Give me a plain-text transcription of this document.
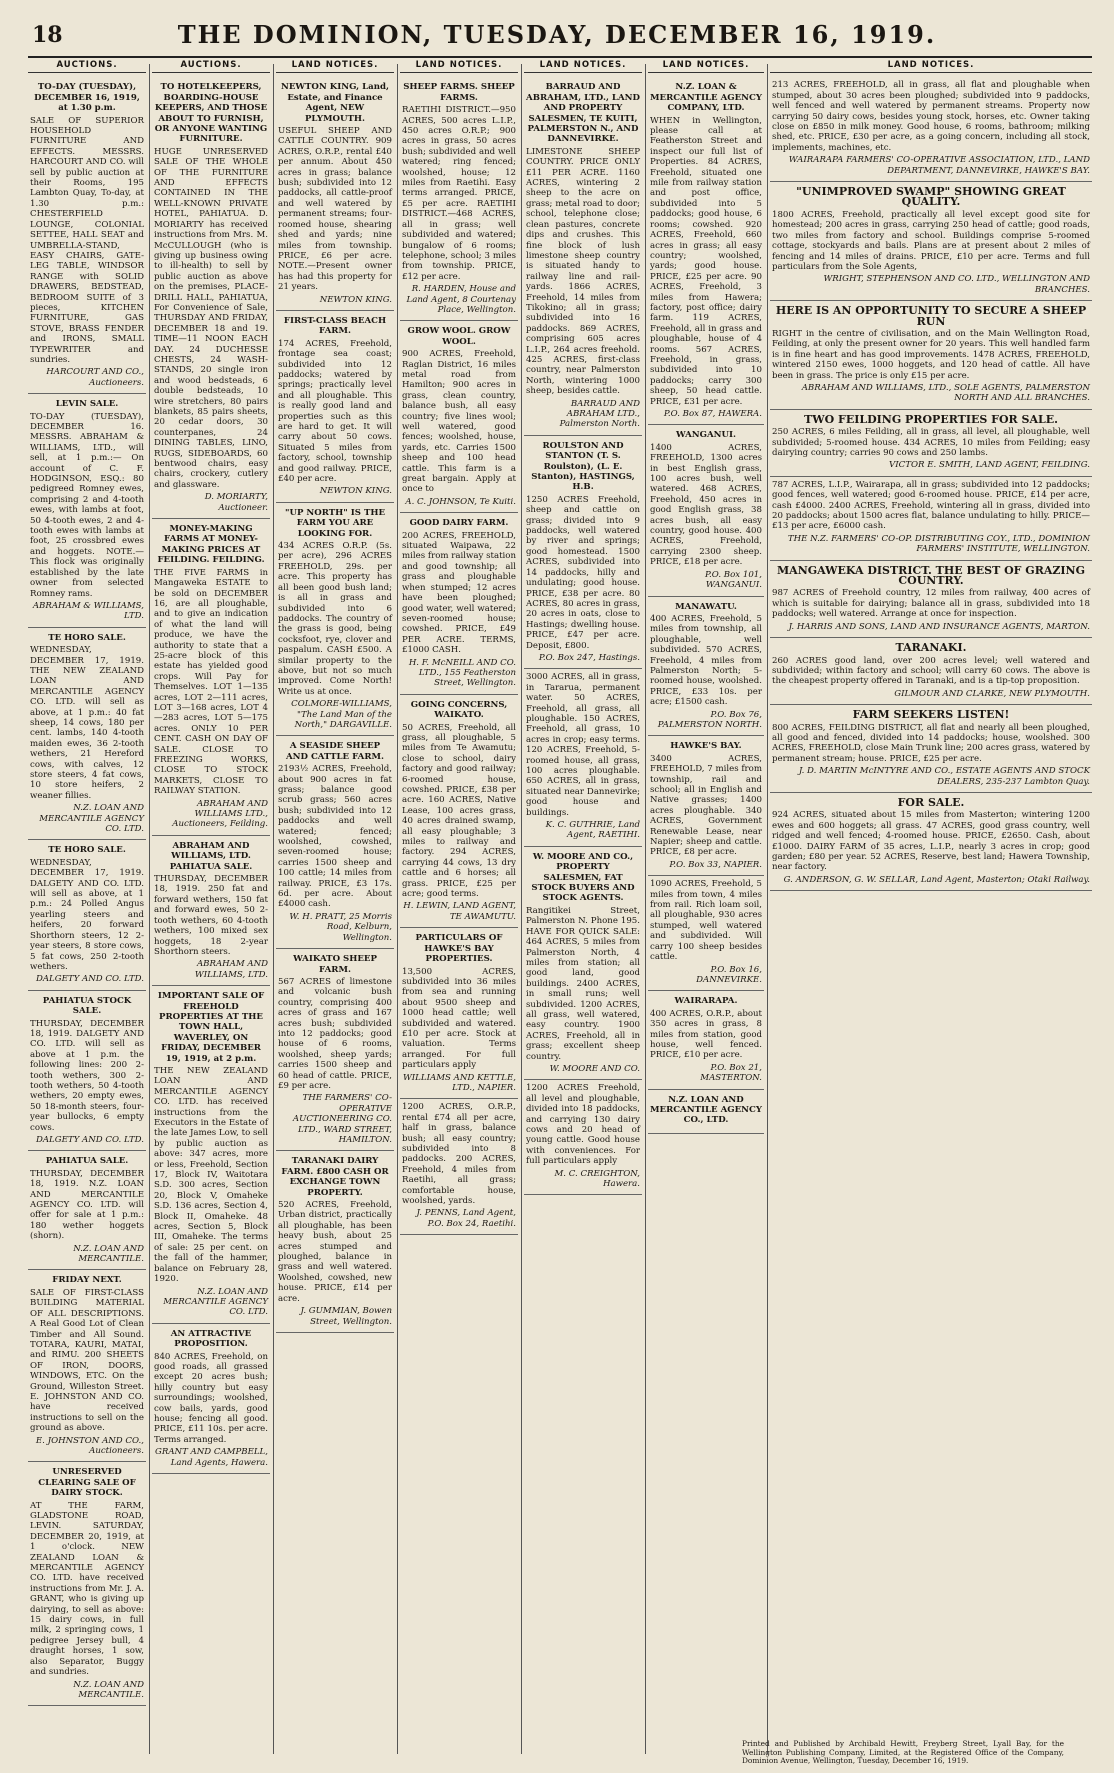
18	THE DOMINION, TUESDAY, DECEMBER 16, 1919.
AUCTIONS.
TO-DAY (TUESDAY), DECEMBER 16, 1919, at 1.30 p.m.
SALE OF SUPERIOR HOUSEHOLD FURNITURE AND EFFECTS. MESSRS. HARCOURT AND CO. will sell by public auction at their Rooms, 195 Lambton Quay, To-day, at 1.30 p.m.: CHESTERFIELD LOUNGE, COLONIAL SETTEE, HALL SEAT and UMBRELLA-STAND, EASY CHAIRS, GATE-LEG TABLE, WINDSOR RANGE with SOLID DRAWERS, BEDSTEAD, BEDROOM SUITE of 3 pieces, KITCHEN FURNITURE, GAS STOVE, BRASS FENDER and IRONS, SMALL TYPEWRITER and sundries.
HARCOURT AND CO., Auctioneers.
LEVIN SALE.
TO-DAY (TUESDAY), DECEMBER 16. MESSRS. ABRAHAM & WILLIAMS, LTD., will sell, at 1 p.m.:— On account of C. F. HODGINSON, ESQ.: 80 pedigreed Romney ewes, comprising 2 and 4-tooth ewes, with lambs at foot, 50 4-tooth ewes, 2 and 4-tooth ewes with lambs at foot, 25 crossbred ewes and hoggets. NOTE.—This flock was originally established by the late owner from selected Romney rams.
ABRAHAM & WILLIAMS, LTD.
TE HORO SALE.
WEDNESDAY, DECEMBER 17, 1919. THE NEW ZEALAND LOAN AND MERCANTILE AGENCY CO. LTD. will sell as above, at 1 p.m.: 40 fat sheep, 14 cows, 180 per cent. lambs, 140 4-tooth maiden ewes, 36 2-tooth wethers, 21 Hereford cows, with calves, 12 store steers, 4 fat cows, 10 store heifers, 2 weaner fillies.
N.Z. LOAN AND MERCANTILE AGENCY CO. LTD.
TE HORO SALE.
WEDNESDAY, DECEMBER 17, 1919. DALGETY AND CO. LTD. will sell as above, at 1 p.m.: 24 Polled Angus yearling steers and heifers, 20 forward Shorthorn steers, 12 2-year steers, 8 store cows, 5 fat cows, 250 2-tooth wethers.
DALGETY AND CO. LTD.
PAHIATUA STOCK SALE.
THURSDAY, DECEMBER 18, 1919. DALGETY AND CO. LTD. will sell as above at 1 p.m. the following lines: 200 2-tooth wethers, 300 2-tooth wethers, 50 4-tooth wethers, 20 empty ewes, 50 18-month steers, four-year bullocks, 6 empty cows.
DALGETY AND CO. LTD.
PAHIATUA SALE.
THURSDAY, DECEMBER 18, 1919. N.Z. LOAN AND MERCANTILE AGENCY CO. LTD. will offer for sale at 1 p.m.: 180 wether hoggets (shorn).
N.Z. LOAN AND MERCANTILE.
FRIDAY NEXT.
SALE OF FIRST-CLASS BUILDING MATERIAL OF ALL DESCRIPTIONS. A Real Good Lot of Clean Timber and All Sound. TOTARA, KAURI, MATAI, and RIMU. 200 SHEETS OF IRON, DOORS, WINDOWS, ETC. On the Ground, Willeston Street. E. JOHNSTON AND CO. have received instructions to sell on the ground as above.
E. JOHNSTON AND CO., Auctioneers.
UNRESERVED CLEARING SALE OF DAIRY STOCK.
AT THE FARM, GLADSTONE ROAD, LEVIN. SATURDAY, DECEMBER 20, 1919, at 1 o'clock. NEW ZEALAND LOAN & MERCANTILE AGENCY CO. LTD. have received instructions from Mr. J. A. GRANT, who is giving up dairying, to sell as above: 15 dairy cows, in full milk, 2 springing cows, 1 pedigree Jersey bull, 4 draught horses, 1 sow, also Separator, Buggy and sundries.
N.Z. LOAN AND MERCANTILE.
AUCTIONS.
TO HOTELKEEPERS, BOARDING-HOUSE KEEPERS, AND THOSE ABOUT TO FURNISH, OR ANYONE WANTING FURNITURE.
HUGE UNRESERVED SALE OF THE WHOLE OF THE FURNITURE AND EFFECTS CONTAINED IN THE WELL-KNOWN PRIVATE HOTEL, PAHIATUA. D. MORIARTY has received instructions from Mrs. M. McCULLOUGH (who is giving up business owing to ill-health) to sell by public auction as above on the premises, PLACE-DRILL HALL, PAHIATUA, For Convenience of Sale, THURSDAY AND FRIDAY, DECEMBER 18 and 19. TIME—11 NOON EACH DAY. 24 DUCHESSE CHESTS, 24 WASH-STANDS, 20 single iron and wood bedsteads, 6 double bedsteads, 10 wire stretchers, 80 pairs blankets, 85 pairs sheets, 20 cedar doors, 30 counterpanes, 24 DINING TABLES, LINO, RUGS, SIDEBOARDS, 60 bentwood chairs, easy chairs, crockery, cutlery and glassware.
D. MORIARTY, Auctioneer.
MONEY-MAKING FARMS AT MONEY-MAKING PRICES AT FEILDING. FEILDING.
THE FIVE FARMS in Mangaweka ESTATE to be sold on DECEMBER 16, are all ploughable, and to give an indication of what the land will produce, we have the authority to state that a 25-acre block of this estate has yielded good crops. Will Pay for Themselves. LOT 1—135 acres, LOT 2—111 acres, LOT 3—168 acres, LOT 4—283 acres, LOT 5—175 acres. ONLY 10 PER CENT. CASH ON DAY OF SALE. CLOSE TO FREEZING WORKS, CLOSE TO STOCK MARKETS, CLOSE TO RAILWAY STATION.
ABRAHAM AND WILLIAMS LTD., Auctioneers, Feilding.
ABRAHAM AND WILLIAMS, LTD. PAHIATUA SALE.
THURSDAY, DECEMBER 18, 1919. 250 fat and forward wethers, 150 fat and forward ewes, 50 2-tooth wethers, 60 4-tooth wethers, 100 mixed sex hoggets, 18 2-year Shorthorn steers.
ABRAHAM AND WILLIAMS, LTD.
IMPORTANT SALE OF FREEHOLD PROPERTIES AT THE TOWN HALL, WAVERLEY, ON FRIDAY, DECEMBER 19, 1919, at 2 p.m.
THE NEW ZEALAND LOAN AND MERCANTILE AGENCY CO. LTD. has received instructions from the Executors in the Estate of the late James Low, to sell by public auction as above: 347 acres, more or less, Freehold, Section 17, Block IV, Waitotara S.D. 300 acres, Section 20, Block V, Omaheke S.D. 136 acres, Section 4, Block II, Omaheke. 48 acres, Section 5, Block III, Omaheke. The terms of sale: 25 per cent. on the fall of the hammer, balance on February 28, 1920.
N.Z. LOAN AND MERCANTILE AGENCY CO. LTD.
AN ATTRACTIVE PROPOSITION.
840 ACRES, Freehold, on good roads, all grassed except 20 acres bush; hilly country but easy surroundings; woolshed, cow bails, yards, good house; fencing all good. PRICE, £11 10s. per acre. Terms arranged.
GRANT AND CAMPBELL, Land Agents, Hawera.
LAND NOTICES.
NEWTON KING, Land, Estate, and Finance Agent, NEW PLYMOUTH.
USEFUL SHEEP AND CATTLE COUNTRY. 909 ACRES, O.R.P., rental £40 per annum. About 450 acres in grass; balance bush; subdivided into 12 paddocks, all cattle-proof and well watered by permanent streams; four-roomed house, shearing shed and yards; nine miles from township. PRICE, £6 per acre. NOTE.—Present owner has had this property for 21 years.
NEWTON KING.
FIRST-CLASS BEACH FARM.
174 ACRES, Freehold, frontage sea coast; subdivided into 12 paddocks; watered by springs; practically level and all ploughable. This is really good land and properties such as this are hard to get. It will carry about 50 cows. Situated 5 miles from factory, school, township and good railway. PRICE, £40 per acre.
NEWTON KING.
"UP NORTH" IS THE FARM YOU ARE LOOKING FOR.
434 ACRES O.R.P. (5s. per acre), 296 ACRES FREEHOLD, 29s. per acre. This property has all been good bush land; is all in grass and subdivided into 6 paddocks. The country of the grass is good, being cocksfoot, rye, clover and paspalum. CASH £500. A similar property to the above, but not so much improved. Come North! Write us at once.
COLMORE-WILLIAMS, "The Land Man of the North," DARGAVILLE.
A SEASIDE SHEEP AND CATTLE FARM.
2193½ ACRES, Freehold, about 900 acres in fat grass; balance good scrub grass; 560 acres bush; subdivided into 12 paddocks and well watered; fenced; woolshed, cowshed, seven-roomed house; carries 1500 sheep and 100 cattle; 14 miles from railway. PRICE, £3 17s. 6d. per acre. About £4000 cash.
W. H. PRATT, 25 Morris Road, Kelburn, Wellington.
WAIKATO SHEEP FARM.
567 ACRES of limestone and volcanic bush country, comprising 400 acres of grass and 167 acres bush; subdivided into 12 paddocks; good house of 6 rooms, woolshed, sheep yards; carries 1500 sheep and 60 head of cattle. PRICE, £9 per acre.
THE FARMERS' CO-OPERATIVE AUCTIONEERING CO. LTD., WARD STREET, HAMILTON.
TARANAKI DAIRY FARM. £800 CASH OR EXCHANGE TOWN PROPERTY.
520 ACRES, Freehold, Urban district, practically all ploughable, has been heavy bush, about 25 acres stumped and ploughed, balance in grass and well watered. Woolshed, cowshed, new house. PRICE, £14 per acre.
J. GUMMIAN, Bowen Street, Wellington.
LAND NOTICES.
SHEEP FARMS. SHEEP FARMS.
RAETIHI DISTRICT.—950 ACRES, 500 acres L.I.P., 450 acres O.R.P.; 900 acres in grass, 50 acres bush; subdivided and well watered; ring fenced; woolshed, house; 12 miles from Raetihi. Easy terms arranged. PRICE, £5 per acre. RAETIHI DISTRICT.—468 ACRES, all in grass; well subdivided and watered; bungalow of 6 rooms; telephone, school; 3 miles from township. PRICE, £12 per acre.
R. HARDEN, House and Land Agent, 8 Courtenay Place, Wellington.
GROW WOOL. GROW WOOL.
900 ACRES, Freehold, Raglan District, 16 miles metal road from Hamilton; 900 acres in grass, clean country, balance bush, all easy country; five lines wool; well watered, good fences; woolshed, house, yards, etc. Carries 1500 sheep and 100 head cattle. This farm is a great bargain. Apply at once to
A. C. JOHNSON, Te Kuiti.
GOOD DAIRY FARM.
200 ACRES, FREEHOLD, situated Waipawa, 22 miles from railway station and good township; all grass and ploughable when stumped; 12 acres have been ploughed; good water, well watered; seven-roomed house; cowshed. PRICE, £49 PER ACRE. TERMS, £1000 CASH.
H. F. McNEILL AND CO. LTD., 155 Featherston Street, Wellington.
GOING CONCERNS, WAIKATO.
50 ACRES, Freehold, all grass, all ploughable, 5 miles from Te Awamutu; close to school, dairy factory and good railway; 6-roomed house, cowshed. PRICE, £38 per acre. 160 ACRES, Native Lease, 100 acres grass, 40 acres drained swamp, all easy ploughable; 3 miles to railway and factory. 294 ACRES, carrying 44 cows, 13 dry cattle and 6 horses; all grass. PRICE, £25 per acre; good terms.
H. LEWIN, LAND AGENT, TE AWAMUTU.
PARTICULARS OF HAWKE'S BAY PROPERTIES.
13,500 ACRES, subdivided into 36 miles from sea and running about 9500 sheep and 1000 head cattle; well subdivided and watered. £10 per acre. Stock at valuation. Terms arranged. For full particulars apply
WILLIAMS AND KETTLE, LTD., NAPIER.
1200 ACRES, O.R.P., rental £74 all per acre, half in grass, balance bush; all easy country; subdivided into 8 paddocks. 200 ACRES, Freehold, 4 miles from Raetihi, all grass; comfortable house, woolshed, yards.
J. PENNS, Land Agent, P.O. Box 24, Raetihi.
LAND NOTICES.
BARRAUD AND ABRAHAM, LTD., LAND AND PROPERTY SALESMEN, TE KUITI, PALMERSTON N., AND DANNEVIRKE.
LIMESTONE SHEEP COUNTRY. PRICE ONLY £11 PER ACRE. 1160 ACRES, wintering 2 sheep to the acre on grass; metal road to door; school, telephone close; clean pastures, concrete dips and crushes. This fine block of lush limestone sheep country is situated handy to railway line and rail-yards. 1866 ACRES, Freehold, 14 miles from Tikokino; all in grass; subdivided into 16 paddocks. 869 ACRES, comprising 605 acres L.I.P., 264 acres freehold. 425 ACRES, first-class country, near Palmerston North, wintering 1000 sheep, besides cattle.
BARRAUD AND ABRAHAM LTD., Palmerston North.
ROULSTON AND STANTON (T. S. Roulston), (L. E. Stanton), HASTINGS, H.B.
1250 ACRES Freehold, sheep and cattle on grass; divided into 9 paddocks, well watered by river and springs; good homestead. 1500 ACRES, subdivided into 14 paddocks, hilly and undulating; good house. PRICE, £38 per acre. 80 ACRES, 80 acres in grass, 20 acres in oats, close to Hastings; dwelling house. PRICE, £47 per acre. Deposit, £800.
P.O. Box 247, Hastings.
3000 ACRES, all in grass, in Tararua, permanent water. 50 ACRES, Freehold, all grass, all ploughable. 150 ACRES, Freehold, all grass, 10 acres in crop; easy terms. 120 ACRES, Freehold, 5-roomed house, all grass, 100 acres ploughable. 650 ACRES, all in grass, situated near Dannevirke; good house and buildings.
K. C. GUTHRIE, Land Agent, RAETIHI.
W. MOORE AND CO., PROPERTY SALESMEN, FAT STOCK BUYERS AND STOCK AGENTS.
Rangitikei Street, Palmerston N. Phone 195. HAVE FOR QUICK SALE: 464 ACRES, 5 miles from Palmerston North, 4 miles from station; all good land, good buildings. 2400 ACRES, in small runs; well subdivided. 1200 ACRES, all grass, well watered, easy country. 1900 ACRES, Freehold, all in grass; excellent sheep country.
W. MOORE AND CO.
1200 ACRES Freehold, all level and ploughable, divided into 18 paddocks, and carrying 130 dairy cows and 20 head of young cattle. Good house with conveniences. For full particulars apply
M. C. CREIGHTON, Hawera.
LAND NOTICES.
N.Z. LOAN & MERCANTILE AGENCY COMPANY, LTD.
WHEN in Wellington, please call at Featherston Street and inspect our full list of Properties. 84 ACRES, Freehold, situated one mile from railway station and post office, subdivided into 5 paddocks; good house, 6 rooms; cowshed. 920 ACRES, Freehold, 660 acres in grass; all easy country; woolshed, yards; good house. PRICE, £25 per acre. 90 ACRES, Freehold, 3 miles from Hawera; factory, post office; dairy farm. 119 ACRES, Freehold, all in grass and ploughable, house of 4 rooms. 567 ACRES, Freehold, in grass, subdivided into 10 paddocks; carry 300 sheep, 50 head cattle. PRICE, £31 per acre.
P.O. Box 87, HAWERA.
WANGANUI.
1400 ACRES, FREEHOLD, 1300 acres in best English grass, 100 acres bush, well watered. 468 ACRES, Freehold, 450 acres in good English grass, 38 acres bush, all easy country, good house. 400 ACRES, Freehold, carrying 2300 sheep. PRICE, £18 per acre.
P.O. Box 101, WANGANUI.
MANAWATU.
400 ACRES, Freehold, 5 miles from township, all ploughable, well subdivided. 570 ACRES, Freehold, 4 miles from Palmerston North; 5-roomed house, woolshed. PRICE, £33 10s. per acre; £1500 cash.
P.O. Box 76, PALMERSTON NORTH.
HAWKE'S BAY.
3400 ACRES, FREEHOLD, 7 miles from township, rail and school; all in English and Native grasses; 1400 acres ploughable. 340 ACRES, Government Renewable Lease, near Napier; sheep and cattle. PRICE, £8 per acre.
P.O. Box 33, NAPIER.
1090 ACRES, Freehold, 5 miles from town, 4 miles from rail. Rich loam soil, all ploughable, 930 acres stumped, well watered and subdivided. Will carry 100 sheep besides cattle.
P.O. Box 16, DANNEVIRKE.
WAIRARAPA.
400 ACRES, O.R.P., about 350 acres in grass, 8 miles from station, good house, well fenced. PRICE, £10 per acre.
P.O. Box 21, MASTERTON.
N.Z. LOAN AND MERCANTILE AGENCY CO., LTD.
LAND NOTICES.
213 ACRES, FREEHOLD, all in grass, all flat and ploughable when stumped, about 30 acres been ploughed; subdivided into 9 paddocks, well fenced and well watered by permanent streams. Property now carrying 50 dairy cows, besides young stock, horses, etc. Owner taking close on £850 in milk money. Good house, 6 rooms, bathroom; milking shed, etc. PRICE, £30 per acre, as a going concern, including all stock, implements, machines, etc.
WAIRARAPA FARMERS' CO-OPERATIVE ASSOCIATION, LTD., LAND DEPARTMENT, DANNEVIRKE, HAWKE'S BAY.
"UNIMPROVED SWAMP" SHOWING GREAT QUALITY.
1800 ACRES, Freehold, practically all level except good site for homestead; 200 acres in grass, carrying 250 head of cattle; good roads, two miles from factory and school. Buildings comprise 5-roomed cottage, stockyards and bails. Plans are at present about 2 miles of fencing and 14 miles of drains. PRICE, £10 per acre. Terms and full particulars from the Sole Agents,
WRIGHT, STEPHENSON AND CO. LTD., WELLINGTON AND BRANCHES.
HERE IS AN OPPORTUNITY TO SECURE A SHEEP RUN
RIGHT in the centre of civilisation, and on the Main Wellington Road, Feilding, at only the present owner for 20 years. This well handled farm is in fine heart and has good improvements. 1478 ACRES, FREEHOLD, wintered 2150 ewes, 1000 hoggets, and 120 head of cattle. All have been in grass. The price is only £15 per acre.
ABRAHAM AND WILLIAMS, LTD., SOLE AGENTS, PALMERSTON NORTH AND ALL BRANCHES.
TWO FEILDING PROPERTIES FOR SALE.
250 ACRES, 6 miles Feilding, all in grass, all level, all ploughable, well subdivided; 5-roomed house. 434 ACRES, 10 miles from Feilding; easy dairying country; carries 90 cows and 250 lambs.
VICTOR E. SMITH, LAND AGENT, FEILDING.
787 ACRES, L.I.P., Wairarapa, all in grass; subdivided into 12 paddocks; good fences, well watered; good 6-roomed house. PRICE, £14 per acre, cash £4000. 2400 ACRES, Freehold, wintering all in grass, divided into 20 paddocks; about 1500 acres flat, balance undulating to hilly. PRICE—£13 per acre, £6000 cash.
THE N.Z. FARMERS' CO-OP. DISTRIBUTING COY., LTD., DOMINION FARMERS' INSTITUTE, WELLINGTON.
MANGAWEKA DISTRICT. THE BEST OF GRAZING COUNTRY.
987 ACRES of Freehold country, 12 miles from railway, 400 acres of which is suitable for dairying; balance all in grass, subdivided into 18 paddocks; well watered. Arrange at once for inspection.
J. HARRIS AND SONS, LAND AND INSURANCE AGENTS, MARTON.
TARANAKI.
260 ACRES good land, over 200 acres level; well watered and subdivided; within factory and school; will carry 60 cows. The above is the cheapest property offered in Taranaki, and is a tip-top proposition.
GILMOUR AND CLARKE, NEW PLYMOUTH.
FARM SEEKERS LISTEN!
800 ACRES, FEILDING DISTRICT, all flat and nearly all been ploughed, all good and fenced, divided into 14 paddocks; house, woolshed. 300 ACRES, FREEHOLD, close Main Trunk line; 200 acres grass, watered by permanent stream; house. PRICE, £25 per acre.
J. D. MARTIN McINTYRE AND CO., ESTATE AGENTS AND STOCK DEALERS, 235-237 Lambton Quay.
FOR SALE.
924 ACRES, situated about 15 miles from Masterton; wintering 1200 ewes and 600 hoggets; all grass. 47 ACRES, good grass country, well ridged and well fenced; 4-roomed house. PRICE, £2650. Cash, about £1000. DAIRY FARM of 35 acres, L.I.P., nearly 3 acres in crop; good garden; £80 per year. 52 ACRES, Reserve, best land; Hawera Township, near factory.
G. ANDERSON, G. W. SELLAR, Land Agent, Masterton; Otaki Railway.
Printed and Published by Archibald Hewitt, Freyberg Street, Lyall Bay, for the Wellington Publishing Company, Limited, at the Registered Office of the Company, Dominion Avenue, Wellington, Tuesday, December 16, 1919.
